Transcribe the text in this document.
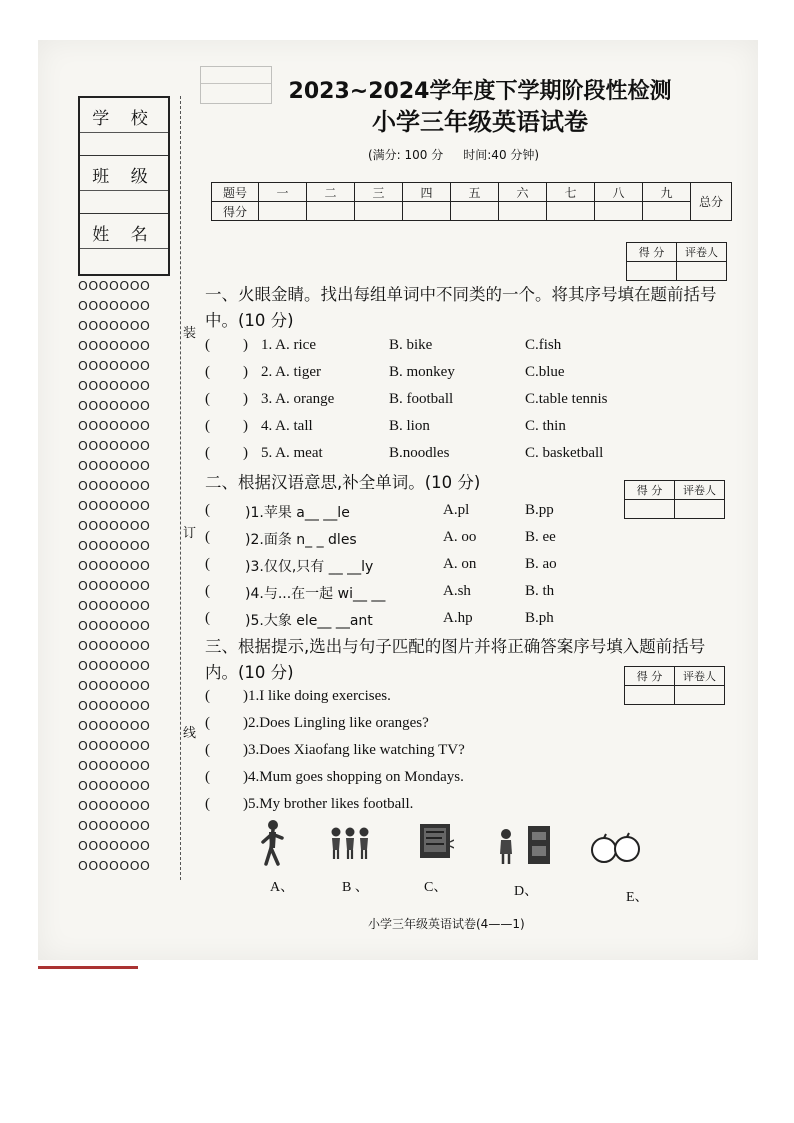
学 校
班 级
姓 名
OOOOOOO
OOOOOOO
OOOOOOO
OOOOOOO
OOOOOOO
OOOOOOO
OOOOOOO
OOOOOOO
OOOOOOO
OOOOOOO
OOOOOOO
OOOOOOO
OOOOOOO
OOOOOOO
OOOOOOO
OOOOOOO
OOOOOOO
OOOOOOO
OOOOOOO
OOOOOOO
OOOOOOO
OOOOOOO
OOOOOOO
OOOOOOO
OOOOOOO
OOOOOOO
OOOOOOO
OOOOOOO
OOOOOOO
OOOOOOO
装
订
线
2023~2024学年度下学期阶段性检测
小学三年级英语试卷
(满分: 100 分 时间:40 分钟)
题号	一	二	三	四	五	六	七	八	九	总分
得分										
得 分	评卷人

得 分	评卷人

得 分	评卷人

一、火眼金睛。找出每组单词中不同类的一个。将其序号填在题前括号中。(10 分)
( ) 1. A. rice	B. bike	C.fish
( ) 2. A. tiger	B. monkey	C.blue
( ) 3. A. orange	B. football	C.table tennis
( ) 4. A. tall	B. lion	C. thin
( ) 5. A. meat	B.noodles	C. basketball
二、根据汉语意思,补全单词。(10 分)
(	)1.苹果 a__ __le	A.pl	B.pp
(	)2.面条 n_ _ dles	A. oo	B. ee
(	)3.仅仅,只有 __ __ly	A. on	B. ao
(	)4.与...在一起 wi__ __	A.sh	B. th
(	)5.大象 ele__ __ant	A.hp	B.ph
三、根据提示,选出与句子匹配的图片并将正确答案序号填入题前括号内。(10 分)
( )1.I like doing exercises.
( )2.Does Lingling like oranges?
( )3.Does Xiaofang like watching TV?
( )4.Mum goes shopping on Mondays.
( )5.My brother likes football.
A、	B 、	C、	D、	E、
小学三年级英语试卷(4——1)
